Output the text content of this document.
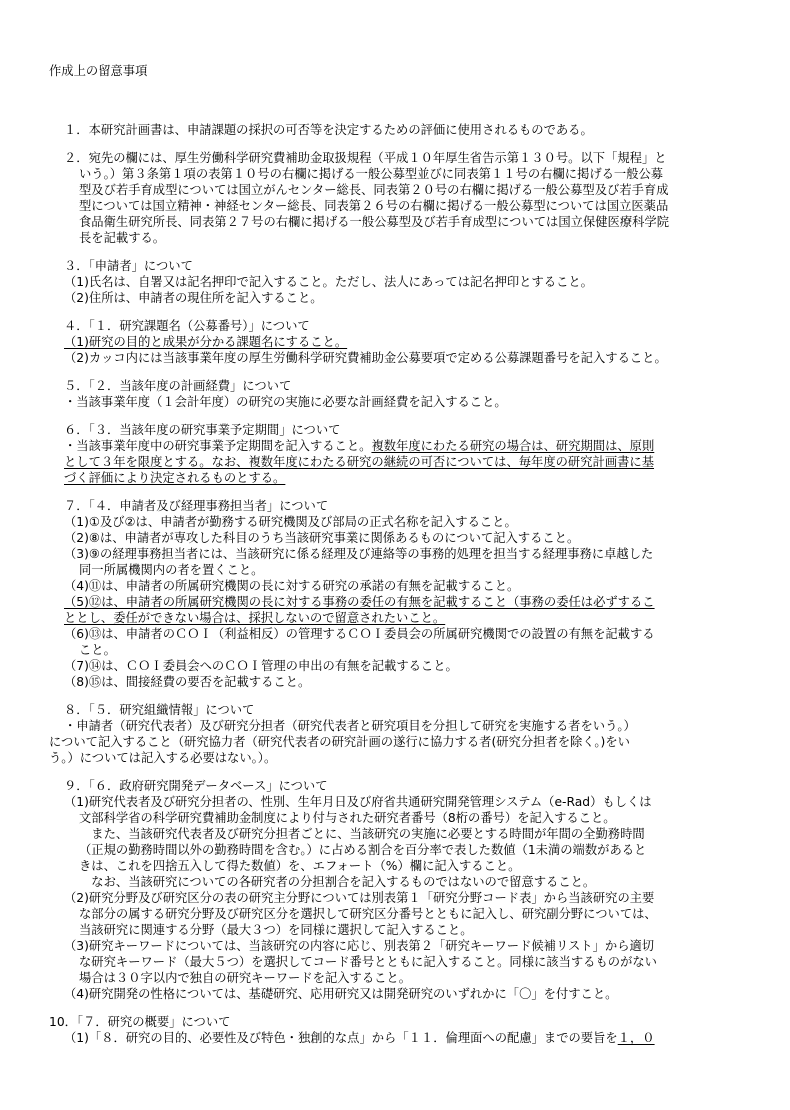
作成上の留意事項
１．本研究計画書は、申請課題の採択の可否等を決定するための評価に使用されるものである。
２．宛先の欄には、厚生労働科学研究費補助金取扱規程（平成１０年厚生省告示第１３０号。以下「規程」と
いう。）第３条第１項の表第１０号の右欄に掲げる一般公募型並びに同表第１１号の右欄に掲げる一般公募
型及び若手育成型については国立がんセンター総長、同表第２０号の右欄に掲げる一般公募型及び若手育成
型については国立精神・神経センター総長、同表第２６号の右欄に掲げる一般公募型については国立医薬品
食品衛生研究所長、同表第２７号の右欄に掲げる一般公募型及び若手育成型については国立保健医療科学院
長を記載する。
３．「申請者」について
（1)氏名は、自署又は記名押印で記入すること。ただし、法人にあっては記名押印とすること。
（2)住所は、申請者の現住所を記入すること。
４．「１．研究課題名（公募番号）」について
（1)研究の目的と成果が分かる課題名にすること。
（2)カッコ内には当該事業年度の厚生労働科学研究費補助金公募要項で定める公募課題番号を記入すること。
５．「２．当該年度の計画経費」について
・当該事業年度（１会計年度）の研究の実施に必要な計画経費を記入すること。
６．「３．当該年度の研究事業予定期間」について
・当該事業年度中の研究事業予定期間を記入すること。複数年度にわたる研究の場合は、研究期間は、原則
として３年を限度とする。なお、複数年度にわたる研究の継続の可否については、毎年度の研究計画書に基
づく評価により決定されるものとする。
７．「４．申請者及び経理事務担当者」について
（1)①及び②は、申請者が勤務する研究機関及び部局の正式名称を記入すること。
（2)⑧は、申請者が専攻した科目のうち当該研究事業に関係あるものについて記入すること。
（3)⑨の経理事務担当者には、当該研究に係る経理及び連絡等の事務的処理を担当する経理事務に卓越した
同一所属機関内の者を置くこと。
（4)⑪は、申請者の所属研究機関の長に対する研究の承諾の有無を記載すること。
（5)⑫は、申請者の所属研究機関の長に対する事務の委任の有無を記載すること（事務の委任は必ずするこ
ととし、委任ができない場合は、採択しないので留意されたいこと。
（6)⑬は、申請者のＣＯＩ（利益相反）の管理するＣＯＩ委員会の所属研究機関での設置の有無を記載する
こと。
（7)⑭は、ＣＯＩ委員会へのＣＯＩ管理の申出の有無を記載すること。
（8)⑮は、間接経費の要否を記載すること。
８．「５．研究組織情報」について
・申請者（研究代表者）及び研究分担者（研究代表者と研究項目を分担して研究を実施する者をいう。）
について記入すること（研究協力者（研究代表者の研究計画の遂行に協力する者(研究分担者を除く。)をい
う。）については記入する必要はない。）。
９．「６．政府研究開発データベース」について
（1)研究代表者及び研究分担者の、性別、生年月日及び府省共通研究開発管理システム（e-Rad）もしくは
文部科学省の科学研究費補助金制度により付与された研究者番号（8桁の番号）を記入すること。
　また、当該研究代表者及び研究分担者ごとに、当該研究の実施に必要とする時間が年間の全勤務時間
（正規の勤務時間以外の勤務時間を含む。）に占める割合を百分率で表した数値（1未満の端数があると
きは、これを四捨五入して得た数値）を、エフォート（%）欄に記入すること。
　なお、当該研究についての各研究者の分担割合を記入するものではないので留意すること。
（2)研究分野及び研究区分の表の研究主分野については別表第１「研究分野コード表」から当該研究の主要
な部分の属する研究分野及び研究区分を選択して研究区分番号とともに記入し、研究副分野については、
当該研究に関連する分野（最大３つ）を同様に選択して記入すること。
（3)研究キーワードについては、当該研究の内容に応じ、別表第２「研究キーワード候補リスト」から適切
な研究キーワード（最大５つ）を選択してコード番号とともに記入すること。同様に該当するものがない
場合は３０字以内で独自の研究キーワードを記入すること。
（4)研究開発の性格については、基礎研究、応用研究又は開発研究のいずれかに「〇」を付すこと。
10．「７．研究の概要」について
（1)「８．研究の目的、必要性及び特色・独創的な点」から「１１．倫理面への配慮」までの要旨を１，０
